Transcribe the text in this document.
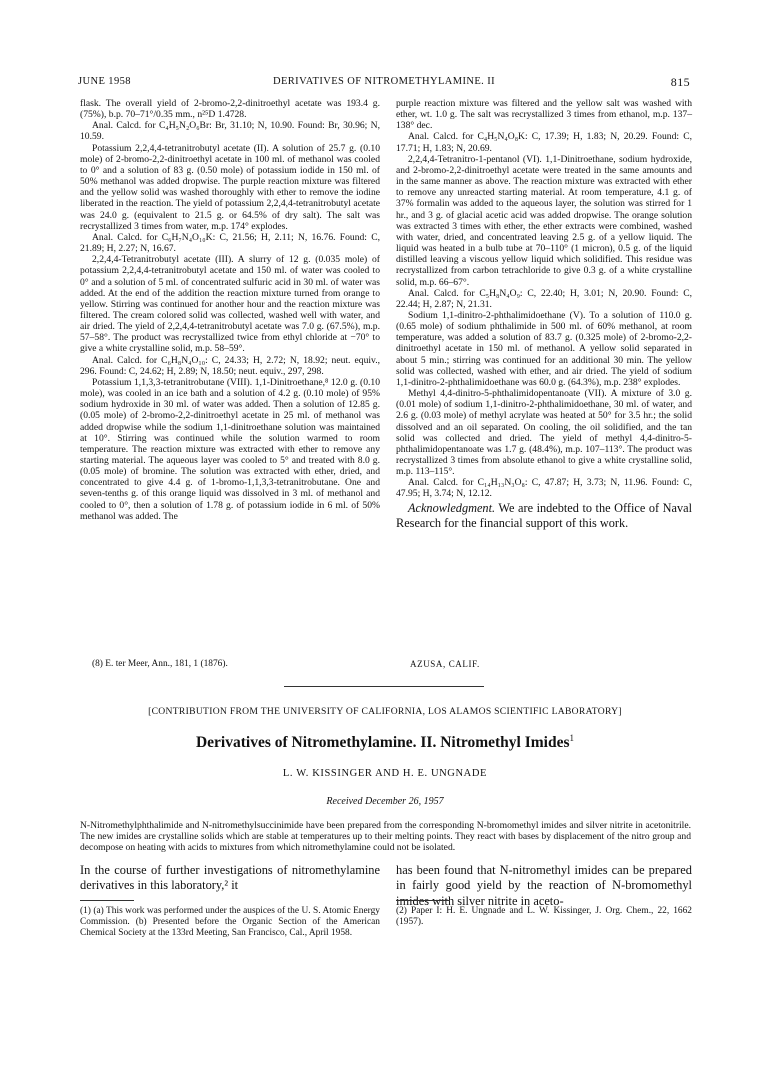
JUNE 1958	DERIVATIVES OF NITROMETHYLAMINE. II	815

flask. The overall yield of 2-bromo-2,2-dinitroethyl acetate was 193.4 g. (75%), b.p. 70–71°/0.35 mm., n²⁵D 1.4728.

Anal. Calcd. for C₄H₅N₂O₆Br: Br, 31.10; N, 10.90. Found: Br, 30.96; N, 10.59.

Potassium 2,2,4,4-tetranitrobutyl acetate (II). A solution of 25.7 g. (0.10 mole) of 2-bromo-2,2-dinitroethyl acetate in 100 ml. of methanol was cooled to 0° and a solution of 83 g. (0.50 mole) of potassium iodide in 150 ml. of 50% methanol was added dropwise. The purple reaction mixture was filtered and the yellow solid was washed thoroughly with ether to remove the iodine liberated in the reaction. The yield of potassium 2,2,4,4-tetranitrobutyl acetate was 24.0 g. (equivalent to 21.5 g. or 64.5% of dry salt). The salt was recrystallized 3 times from water, m.p. 174° explodes.

Anal. Calcd. for C₆H₇N₄O₁₀K: C, 21.56; H, 2.11; N, 16.76. Found: C, 21.89; H, 2.27; N, 16.67.

2,2,4,4-Tetranitrobutyl acetate (III). A slurry of 12 g. (0.035 mole) of potassium 2,2,4,4-tetranitrobutyl acetate and 150 ml. of water was cooled to 0° and a solution of 5 ml. of concentrated sulfuric acid in 30 ml. of water was added. At the end of the addition the reaction mixture turned from orange to yellow. Stirring was continued for another hour and the reaction mixture was filtered. The cream colored solid was collected, washed well with water, and air dried. The yield of 2,2,4,4-tetranitrobutyl acetate was 7.0 g. (67.5%), m.p. 57–58°. The product was recrystallized twice from ethyl chloride at −70° to give a white crystalline solid, m.p. 58–59°.

Anal. Calcd. for C₆H₈N₄O₁₀: C, 24.33; H, 2.72; N, 18.92; neut. equiv., 296. Found: C, 24.62; H, 2.89; N, 18.50; neut. equiv., 297, 298.

Potassium 1,1,3,3-tetranitrobutane (VIII). 1,1-Dinitroethane,⁸ 12.0 g. (0.10 mole), was cooled in an ice bath and a solution of 4.2 g. (0.10 mole) of 95% sodium hydroxide in 30 ml. of water was added. Then a solution of 12.85 g. (0.05 mole) of 2-bromo-2,2-dinitroethyl acetate in 25 ml. of methanol was added dropwise while the sodium 1,1-dinitroethane solution was maintained at 10°. Stirring was continued while the solution warmed to room temperature. The reaction mixture was extracted with ether to remove any starting material. The aqueous layer was cooled to 5° and treated with 8.0 g. (0.05 mole) of bromine. The solution was extracted with ether, dried, and concentrated to give 4.4 g. of 1-bromo-1,1,3,3-tetranitrobutane. One and seven-tenths g. of this orange liquid was dissolved in 3 ml. of methanol and cooled to 0°, then a solution of 1.78 g. of potassium iodide in 6 ml. of 50% methanol was added. The

purple reaction mixture was filtered and the yellow salt was washed with ether, wt. 1.0 g. The salt was recrystallized 3 times from ethanol, m.p. 137–138° dec.

Anal. Calcd. for C₄H₅N₄O₈K: C, 17.39; H, 1.83; N, 20.29. Found: C, 17.71; H, 1.83; N, 20.69.

2,2,4,4-Tetranitro-1-pentanol (VI). 1,1-Dinitroethane, sodium hydroxide, and 2-bromo-2,2-dinitroethyl acetate were treated in the same amounts and in the same manner as above. The reaction mixture was extracted with ether to remove any unreacted starting material. At room temperature, 4.1 g. of 37% formalin was added to the aqueous layer, the solution was stirred for 1 hr., and 3 g. of glacial acetic acid was added dropwise. The orange solution was extracted 3 times with ether, the ether extracts were combined, washed with water, dried, and concentrated leaving 2.5 g. of a yellow liquid. The liquid was heated in a bulb tube at 70–110° (1 micron), 0.5 g. of the liquid distilled leaving a viscous yellow liquid which solidified. This residue was recrystallized from carbon tetrachloride to give 0.3 g. of a white crystalline solid, m.p. 66–67°.

Anal. Calcd. for C₅H₈N₄O₉: C, 22.40; H, 3.01; N, 20.90. Found: C, 22.44; H, 2.87; N, 21.31.

Sodium 1,1-dinitro-2-phthalimidoethane (V). To a solution of 110.0 g. (0.65 mole) of sodium phthalimide in 500 ml. of 60% methanol, at room temperature, was added a solution of 83.7 g. (0.325 mole) of 2-bromo-2,2-dinitroethyl acetate in 150 ml. of methanol. A yellow solid separated in about 5 min.; stirring was continued for an additional 30 min. The yellow solid was collected, washed with ether, and air dried. The yield of sodium 1,1-dinitro-2-phthalimidoethane was 60.0 g. (64.3%), m.p. 238° explodes.

Methyl 4,4-dinitro-5-phthalimidopentanoate (VII). A mixture of 3.0 g. (0.01 mole) of sodium 1,1-dinitro-2-phthalimidoethane, 30 ml. of water, and 2.6 g. (0.03 mole) of methyl acrylate was heated at 50° for 3.5 hr.; the solid dissolved and an oil separated. On cooling, the oil solidified, and the tan solid was collected and dried. The yield of methyl 4,4-dinitro-5-phthalimidopentanoate was 1.7 g. (48.4%), m.p. 107–113°. The product was recrystallized 3 times from absolute ethanol to give a white crystalline solid, m.p. 113–115°.

Anal. Calcd. for C₁₄H₁₃N₃O₈: C, 47.87; H, 3.73; N, 11.96. Found: C, 47.95; H, 3.74; N, 12.12.

Acknowledgment. We are indebted to the Office of Naval Research for the financial support of this work.

(8) E. ter Meer, Ann., 181, 1 (1876).	AZUSA, CALIF.
[CONTRIBUTION FROM THE UNIVERSITY OF CALIFORNIA, LOS ALAMOS SCIENTIFIC LABORATORY]
Derivatives of Nitromethylamine. II. Nitromethyl Imides$^1$
L. W. KISSINGER AND H. E. UNGNADE
Received December 26, 1957
N-Nitromethylphthalimide and N-nitromethylsuccinimide have been prepared from the corresponding N-bromomethyl imides and silver nitrite in acetonitrile. The new imides are crystalline solids which are stable at temperatures up to their melting points. They react with bases by displacement of the nitro group and decompose on heating with acids to mixtures from which nitromethylamine could not be isolated.
In the course of further investigations of nitromethylamine derivatives in this laboratory,² it
has been found that N-nitromethyl imides can be prepared in fairly good yield by the reaction of N-bromomethyl imides with silver nitrite in aceto-
(1) (a) This work was performed under the auspices of the U. S. Atomic Energy Commission. (b) Presented before the Organic Section of the American Chemical Society at the 133rd Meeting, San Francisco, Cal., April 1958.
(2) Paper I: H. E. Ungnade and L. W. Kissinger, J. Org. Chem., 22, 1662 (1957).
